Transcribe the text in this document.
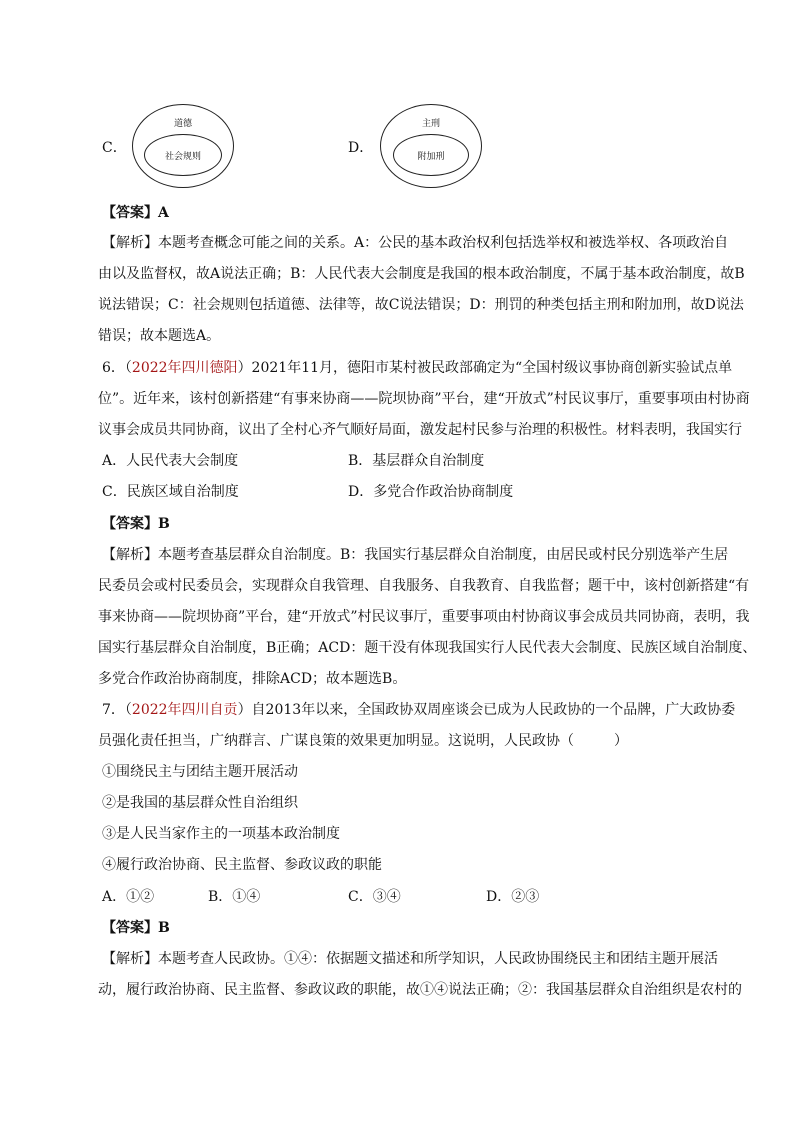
C．
道德
社会规则
D．
主刑
附加刑
【答案】A
【解析】本题考查概念可能之间的关系。A：公民的基本政治权利包括选举权和被选举权、各项政治自
由以及监督权，故A说法正确；B：人民代表大会制度是我国的根本政治制度，不属于基本政治制度，故B
说法错误；C：社会规则包括道德、法律等，故C说法错误；D：刑罚的种类包括主刑和附加刑，故D说法
错误；故本题选A。
6．（2022年四川德阳）2021年11月，德阳市某村被民政部确定为“全国村级议事协商创新实验试点单
位”。近年来，该村创新搭建“有事来协商——院坝协商”平台，建“开放式”村民议事厅，重要事项由村协商
议事会成员共同协商，议出了全村心齐气顺好局面，激发起村民参与治理的积极性。材料表明，我国实行
A．人民代表大会制度	B．基层群众自治制度
C．民族区域自治制度	D．多党合作政治协商制度
【答案】B
【解析】本题考查基层群众自治制度。B：我国实行基层群众自治制度，由居民或村民分别选举产生居
民委员会或村民委员会，实现群众自我管理、自我服务、自我教育、自我监督；题干中，该村创新搭建“有
事来协商——院坝协商”平台，建“开放式”村民议事厅，重要事项由村协商议事会成员共同协商，表明，我
国实行基层群众自治制度，B正确；ACD：题干没有体现我国实行人民代表大会制度、民族区域自治制度、
多党合作政治协商制度，排除ACD；故本题选B。
7．（2022年四川自贡）自2013年以来，全国政协双周座谈会已成为人民政协的一个品牌，广大政协委
员强化责任担当，广纳群言、广谋良策的效果更加明显。这说明，人民政协（	）
①围绕民主与团结主题开展活动
②是我国的基层群众性自治组织
③是人民当家作主的一项基本政治制度
④履行政治协商、民主监督、参政议政的职能
A．①②	B．①④	C．③④	D．②③
【答案】B
【解析】本题考查人民政协。①④：依据题文描述和所学知识，人民政协围绕民主和团结主题开展活
动，履行政治协商、民主监督、参政议政的职能，故①④说法正确；②：我国基层群众自治组织是农村的
